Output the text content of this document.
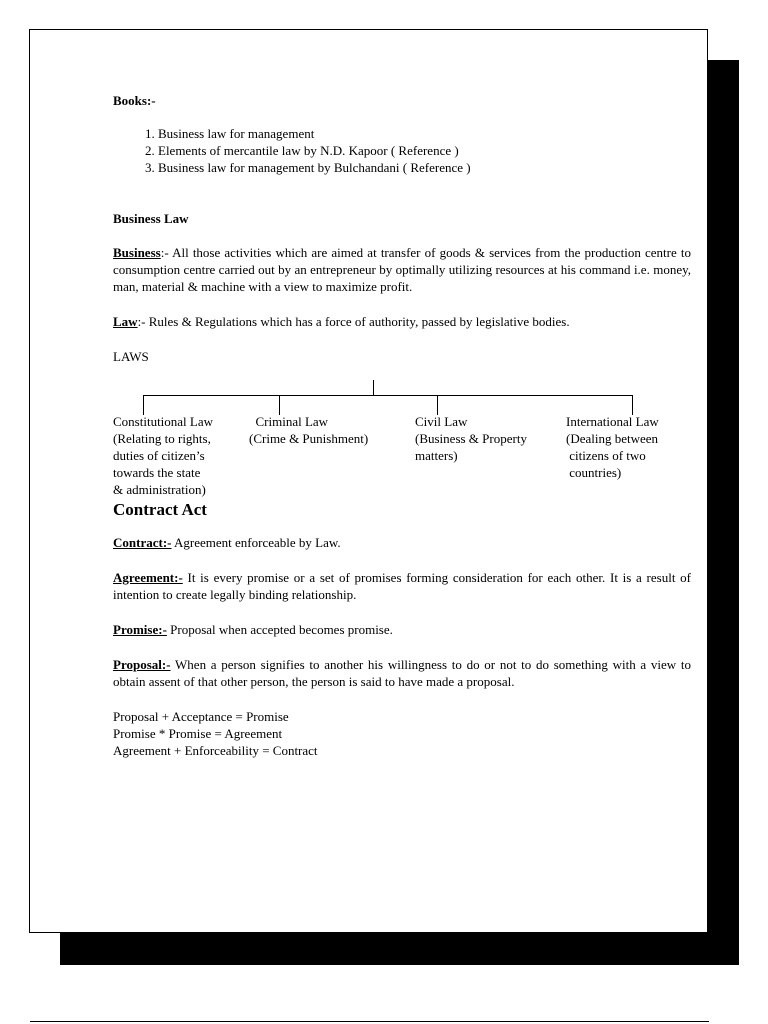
Books:-

1. Business law for management
2. Elements of mercantile law by N.D. Kapoor ( Reference )
3. Business law for management by Bulchandani ( Reference )

Business Law

Business:- All those activities which are aimed at transfer of goods & services from the production centre to consumption centre carried out by an entrepreneur by optimally utilizing resources at his command i.e. money, man, material & machine with a view to maximize profit.

Law:- Rules & Regulations which has a force of authority, passed by legislative bodies.

LAWS

Constitutional Law
(Relating to rights,
duties of citizen’s
towards the state
& administration)
Criminal Law
(Crime & Punishment)
Civil Law
(Business & Property
matters)
International Law
(Dealing between
citizens of two
countries)

Contract Act

Contract:- Agreement enforceable by Law.

Agreement:- It is every promise or a set of promises forming consideration for each other. It is a result of intention to create legally binding relationship.

Promise:- Proposal when accepted becomes promise.

Proposal:- When a person signifies to another his willingness to do or not to do something with a view to obtain assent of that other person, the person is said to have made a proposal.

Proposal + Acceptance = Promise
Promise * Promise = Agreement
Agreement + Enforceability = Contract
